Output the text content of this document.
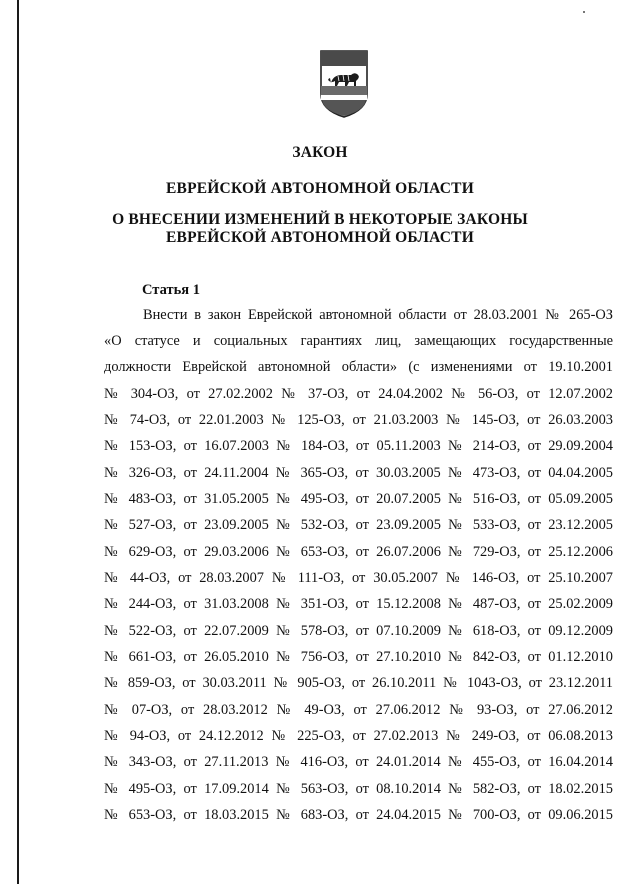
ЗАКОН
ЕВРЕЙСКОЙ АВТОНОМНОЙ ОБЛАСТИ
О ВНЕСЕНИИ ИЗМЕНЕНИЙ В НЕКОТОРЫЕ ЗАКОНЫ
ЕВРЕЙСКОЙ АВТОНОМНОЙ ОБЛАСТИ

Статья 1

Внести в закон Еврейской автономной области от 28.03.2001 № 265-ОЗ

«О статусе и социальных гарантиях лиц, замещающих государственные

должности Еврейской автономной области» (с изменениями от 19.10.2001

№ 304-ОЗ, от 27.02.2002 № 37-ОЗ, от 24.04.2002 № 56-ОЗ, от 12.07.2002

№ 74-ОЗ, от 22.01.2003 № 125-ОЗ, от 21.03.2003 № 145-ОЗ, от 26.03.2003

№ 153-ОЗ, от 16.07.2003 № 184-ОЗ, от 05.11.2003 № 214-ОЗ, от 29.09.2004

№ 326-ОЗ, от 24.11.2004 № 365-ОЗ, от 30.03.2005 № 473-ОЗ, от 04.04.2005

№ 483-ОЗ, от 31.05.2005 № 495-ОЗ, от 20.07.2005 № 516-ОЗ, от 05.09.2005

№ 527-ОЗ, от 23.09.2005 № 532-ОЗ, от 23.09.2005 № 533-ОЗ, от 23.12.2005

№ 629-ОЗ, от 29.03.2006 № 653-ОЗ, от 26.07.2006 № 729-ОЗ, от 25.12.2006

№ 44-ОЗ, от 28.03.2007 № 111-ОЗ, от 30.05.2007 № 146-ОЗ, от 25.10.2007

№ 244-ОЗ, от 31.03.2008 № 351-ОЗ, от 15.12.2008 № 487-ОЗ, от 25.02.2009

№ 522-ОЗ, от 22.07.2009 № 578-ОЗ, от 07.10.2009 № 618-ОЗ, от 09.12.2009

№ 661-ОЗ, от 26.05.2010 № 756-ОЗ, от 27.10.2010 № 842-ОЗ, от 01.12.2010

№ 859-ОЗ, от 30.03.2011 № 905-ОЗ, от 26.10.2011 № 1043-ОЗ, от 23.12.2011

№ 07-ОЗ, от 28.03.2012 № 49-ОЗ, от 27.06.2012 № 93-ОЗ, от 27.06.2012

№ 94-ОЗ, от 24.12.2012 № 225-ОЗ, от 27.02.2013 № 249-ОЗ, от 06.08.2013

№ 343-ОЗ, от 27.11.2013 № 416-ОЗ, от 24.01.2014 № 455-ОЗ, от 16.04.2014

№ 495-ОЗ, от 17.09.2014 № 563-ОЗ, от 08.10.2014 № 582-ОЗ, от 18.02.2015

№ 653-ОЗ, от 18.03.2015 № 683-ОЗ, от 24.04.2015 № 700-ОЗ, от 09.06.2015
